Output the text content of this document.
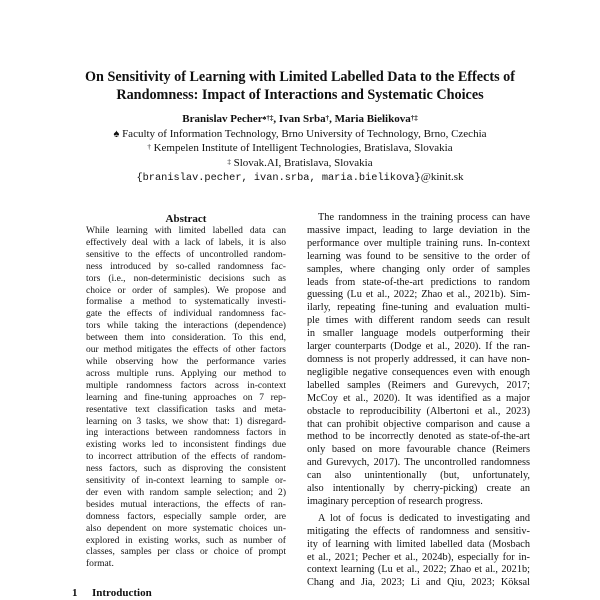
On Sensitivity of Learning with Limited Labelled Data to the Effects of
Randomness: Impact of Interactions and Systematic Choices
Branislav Pecher♠†‡, Ivan Srba†, Maria Bielikova†‡
♠ Faculty of Information Technology, Brno University of Technology, Brno, Czechia
† Kempelen Institute of Intelligent Technologies, Bratislava, Slovakia
‡ Slovak.AI, Bratislava, Slovakia
{branislav.pecher, ivan.srba, maria.bielikova}@kinit.sk
Abstract
While learning with limited labelled data can
effectively deal with a lack of labels, it is also
sensitive to the effects of uncontrolled random-
ness introduced by so-called randomness fac-
tors (i.e., non-deterministic decisions such as
choice or order of samples). We propose and
formalise a method to systematically investi-
gate the effects of individual randomness fac-
tors while taking the interactions (dependence)
between them into consideration. To this end,
our method mitigates the effects of other factors
while observing how the performance varies
across multiple runs. Applying our method to
multiple randomness factors across in-context
learning and fine-tuning approaches on 7 rep-
resentative text classification tasks and meta-
learning on 3 tasks, we show that: 1) disregard-
ing interactions between randomness factors in
existing works led to inconsistent findings due
to incorrect attribution of the effects of random-
ness factors, such as disproving the consistent
sensitivity of in-context learning to sample or-
der even with random sample selection; and 2)
besides mutual interactions, the effects of ran-
domness factors, especially sample order, are
also dependent on more systematic choices un-
explored in existing works, such as number of
classes, samples per class or choice of prompt
format.
1 Introduction
The randomness in the training process can have
massive impact, leading to large deviation in the
performance over multiple training runs. In-context
learning was found to be sensitive to the order of
samples, where changing only order of samples
leads from state-of-the-art predictions to random
guessing (Lu et al., 2022; Zhao et al., 2021b). Sim-
ilarly, repeating fine-tuning and evaluation multi-
ple times with different random seeds can result
in smaller language models outperforming their
larger counterparts (Dodge et al., 2020). If the ran-
domness is not properly addressed, it can have non-
negligible negative consequences even with enough
labelled samples (Reimers and Gurevych, 2017;
McCoy et al., 2020). It was identified as a major
obstacle to reproducibility (Albertoni et al., 2023)
that can prohibit objective comparison and cause a
method to be incorrectly denoted as state-of-the-art
only based on more favourable chance (Reimers
and Gurevych, 2017). The uncontrolled randomness
can also unintentionally (but, unfortunately,
also intentionally by cherry-picking) create an
imaginary perception of research progress.
A lot of focus is dedicated to investigating and
mitigating the effects of randomness and sensitiv-
ity of learning with limited labelled data (Mosbach
et al., 2021; Pecher et al., 2024b), especially for in-
context learning (Lu et al., 2022; Zhao et al., 2021b;
Chang and Jia, 2023; Li and Qiu, 2023; Köksal
